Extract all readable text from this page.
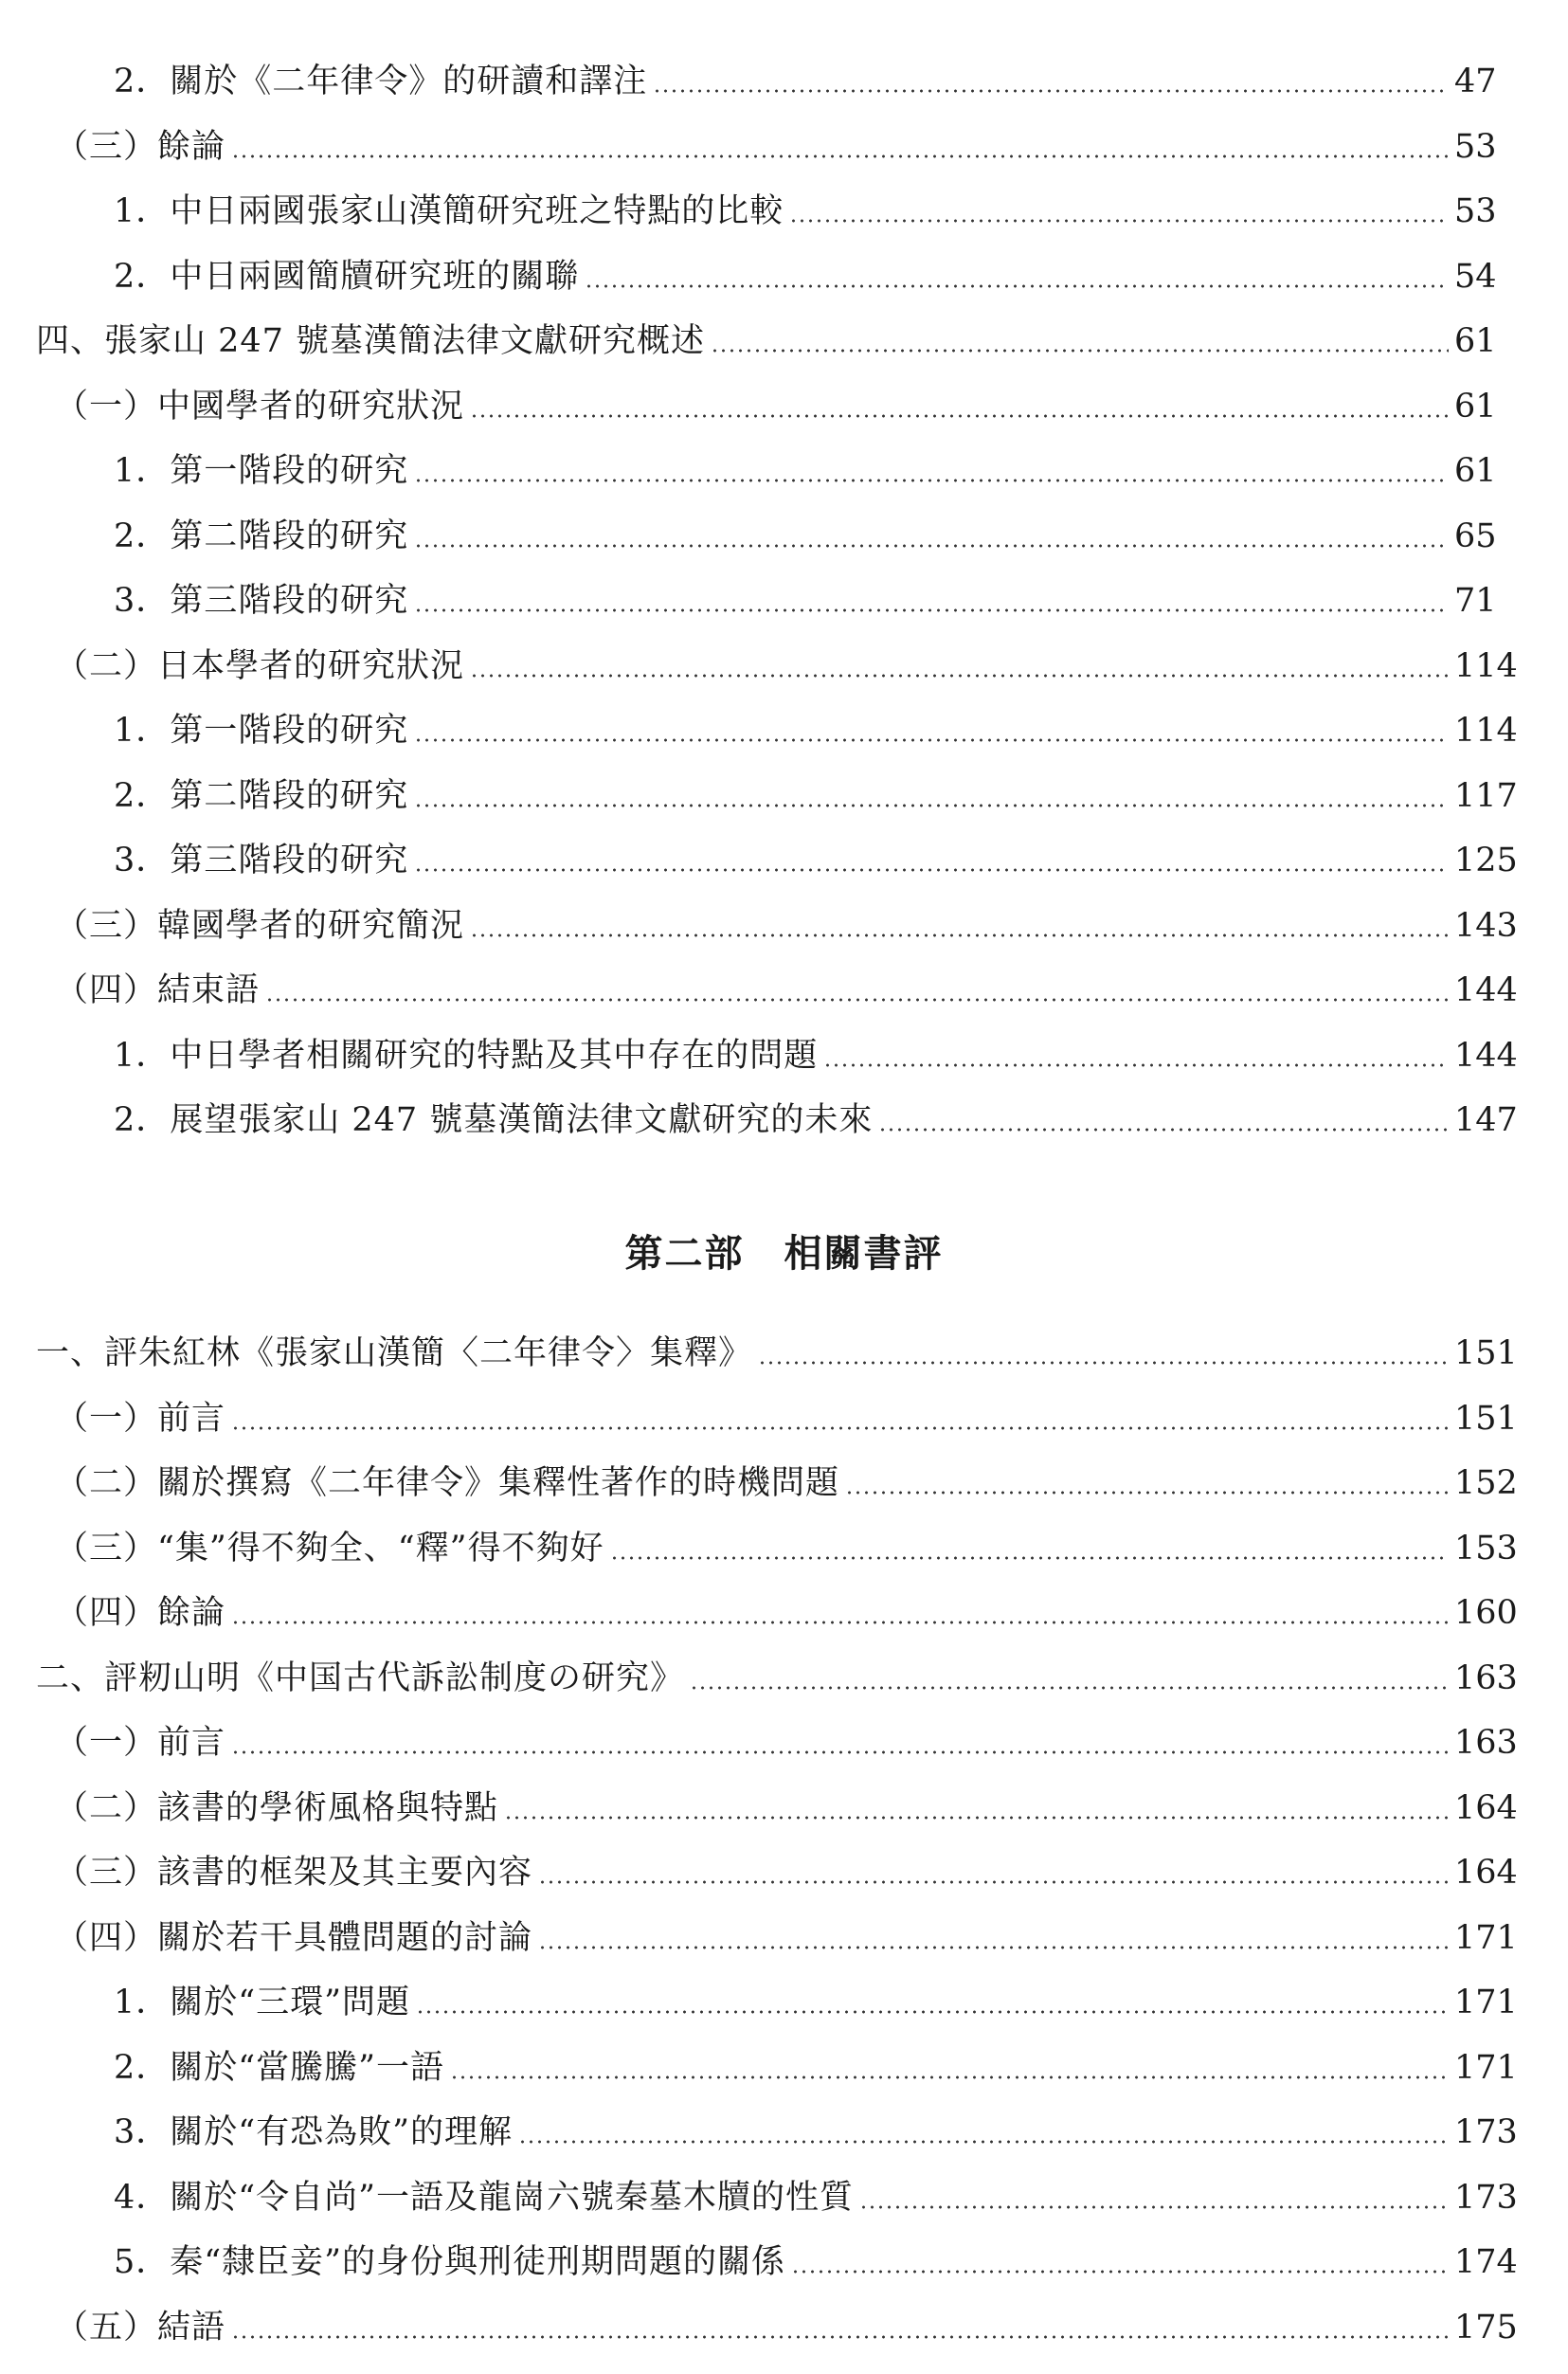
2．關於《二年律令》的研讀和譯注	47
（三）餘論	53
1．中日兩國張家山漢簡研究班之特點的比較	53
2．中日兩國簡牘研究班的關聯	54
四、張家山 247 號墓漢簡法律文獻研究概述	61
（一）中國學者的研究狀況	61
1．第一階段的研究	61
2．第二階段的研究	65
3．第三階段的研究	71
（二）日本學者的研究狀況	114
1．第一階段的研究	114
2．第二階段的研究	117
3．第三階段的研究	125
（三）韓國學者的研究簡況	143
（四）結束語	144
1．中日學者相關研究的特點及其中存在的問題	144
2．展望張家山 247 號墓漢簡法律文獻研究的未來	147
第二部　相關書評
一、評朱紅林《張家山漢簡〈二年律令〉集釋》	151
（一）前言	151
（二）關於撰寫《二年律令》集釋性著作的時機問題	152
（三）“集”得不夠全、“釋”得不夠好	153
（四）餘論	160
二、評籾山明《中国古代訴訟制度の研究》	163
（一）前言	163
（二）該書的學術風格與特點	164
（三）該書的框架及其主要內容	164
（四）關於若干具體問題的討論	171
1．關於“三環”問題	171
2．關於“當騰騰”一語	171
3．關於“有恐為敗”的理解	173
4．關於“令自尚”一語及龍崗六號秦墓木牘的性質	173
5．秦“隸臣妾”的身份與刑徒刑期問題的關係	174
（五）結語	175
